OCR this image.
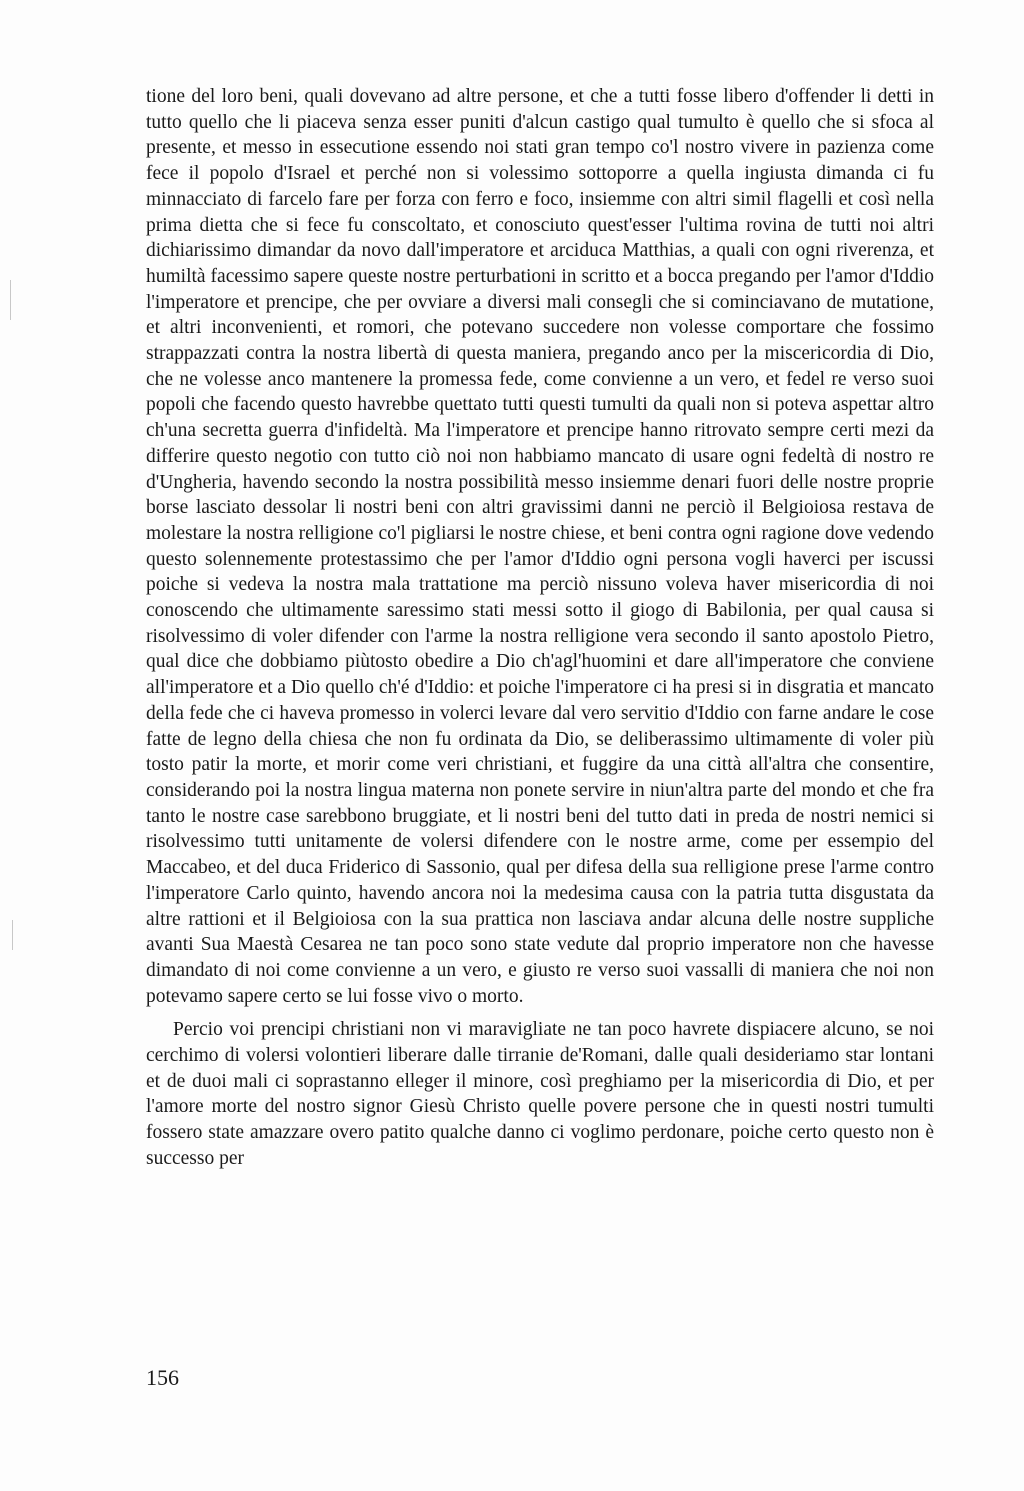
tione del loro beni, quali dovevano ad altre persone, et che a tutti fosse libero d'offender li detti in tutto quello che li piaceva senza esser puniti d'alcun castigo qual tumulto è quello che si sfoca al presente, et messo in essecutione essendo noi stati gran tempo co'l nostro vivere in pazienza come fece il popolo d'Israel et perché non si volessimo sottoporre a quella ingiusta dimanda ci fu minnacciato di farcelo fare per forza con ferro e foco, insiemme con altri simil flagelli et così nella prima dietta che si fece fu conscoltato, et conosciuto quest'esser l'ultima rovina de tutti noi altri dichiarissimo dimandar da novo dall'imperatore et arciduca Matthias, a quali con ogni riverenza, et humiltà facessimo sapere queste nostre perturbationi in scritto et a bocca pregando per l'amor d'Iddio l'imperatore et prencipe, che per ovviare a diversi mali consegli che si cominciavano de mutatione, et altri inconvenienti, et romori, che potevano succedere non volesse comportare che fossimo strappazzati contra la nostra libertà di questa maniera, pregando anco per la miscericordia di Dio, che ne volesse anco mantenere la promessa fede, come convienne a un vero, et fedel re verso suoi popoli che facendo questo havrebbe quettato tutti questi tumulti da quali non si poteva aspettar altro ch'una secretta guerra d'infideltà. Ma l'imperatore et prencipe hanno ritrovato sempre certi mezi da differire questo negotio con tutto ciò noi non habbiamo mancato di usare ogni fedeltà di nostro re d'Ungheria, havendo secondo la nostra possibilità messo insiemme denari fuori delle nostre proprie borse lasciato dessolar li nostri beni con altri gravissimi danni ne perciò il Belgioiosa restava de molestare la nostra relligione co'l pigliarsi le nostre chiese, et beni contra ogni ragione dove vedendo questo solennemente protestassimo che per l'amor d'Iddio ogni persona vogli haverci per iscussi poiche si vedeva la nostra mala trattatione ma perciò nissuno voleva haver misericordia di noi conoscendo che ultimamente saressimo stati messi sotto il giogo di Babilonia, per qual causa si risolvessimo di voler difender con l'arme la nostra relligione vera secondo il santo apostolo Pietro, qual dice che dobbiamo piùtosto obedire a Dio ch'agl'huomini et dare all'imperatore che conviene all'imperatore et a Dio quello ch'é d'Iddio: et poiche l'imperatore ci ha presi si in disgratia et mancato della fede che ci haveva promesso in volerci levare dal vero servitio d'Iddio con farne andare le cose fatte de legno della chiesa che non fu ordinata da Dio, se deliberassimo ultimamente di voler più tosto patir la morte, et morir come veri christiani, et fuggire da una città all'altra che consentire, considerando poi la nostra lingua materna non ponete servire in niun'altra parte del mondo et che fra tanto le nostre case sarebbono bruggiate, et li nostri beni del tutto dati in preda de nostri nemici si risolvessimo tutti unitamente de volersi difendere con le nostre arme, come per essempio del Maccabeo, et del duca Friderico di Sassonio, qual per difesa della sua relligione prese l'arme contro l'imperatore Carlo quinto, havendo ancora noi la medesima causa con la patria tutta disgustata da altre rattioni et il Belgioiosa con la sua prattica non lasciava andar alcuna delle nostre suppliche avanti Sua Maestà Cesarea ne tan poco sono state vedute dal proprio imperatore non che havesse dimandato di noi come convienne a un vero, e giusto re verso suoi vassalli di maniera che noi non potevamo sapere certo se lui fosse vivo o morto.

Percio voi prencipi christiani non vi maravigliate ne tan poco havrete dispiacere alcuno, se noi cerchimo di volersi volontieri liberare dalle tirranie de'Romani, dalle quali desideriamo star lontani et de duoi mali ci soprastanno elleger il minore, così preghiamo per la misericordia di Dio, et per l'amore morte del nostro signor Giesù Christo quelle povere persone che in questi nostri tumulti fossero state amazzare overo patito qualche danno ci voglimo perdonare, poiche certo questo non è successo per

156
